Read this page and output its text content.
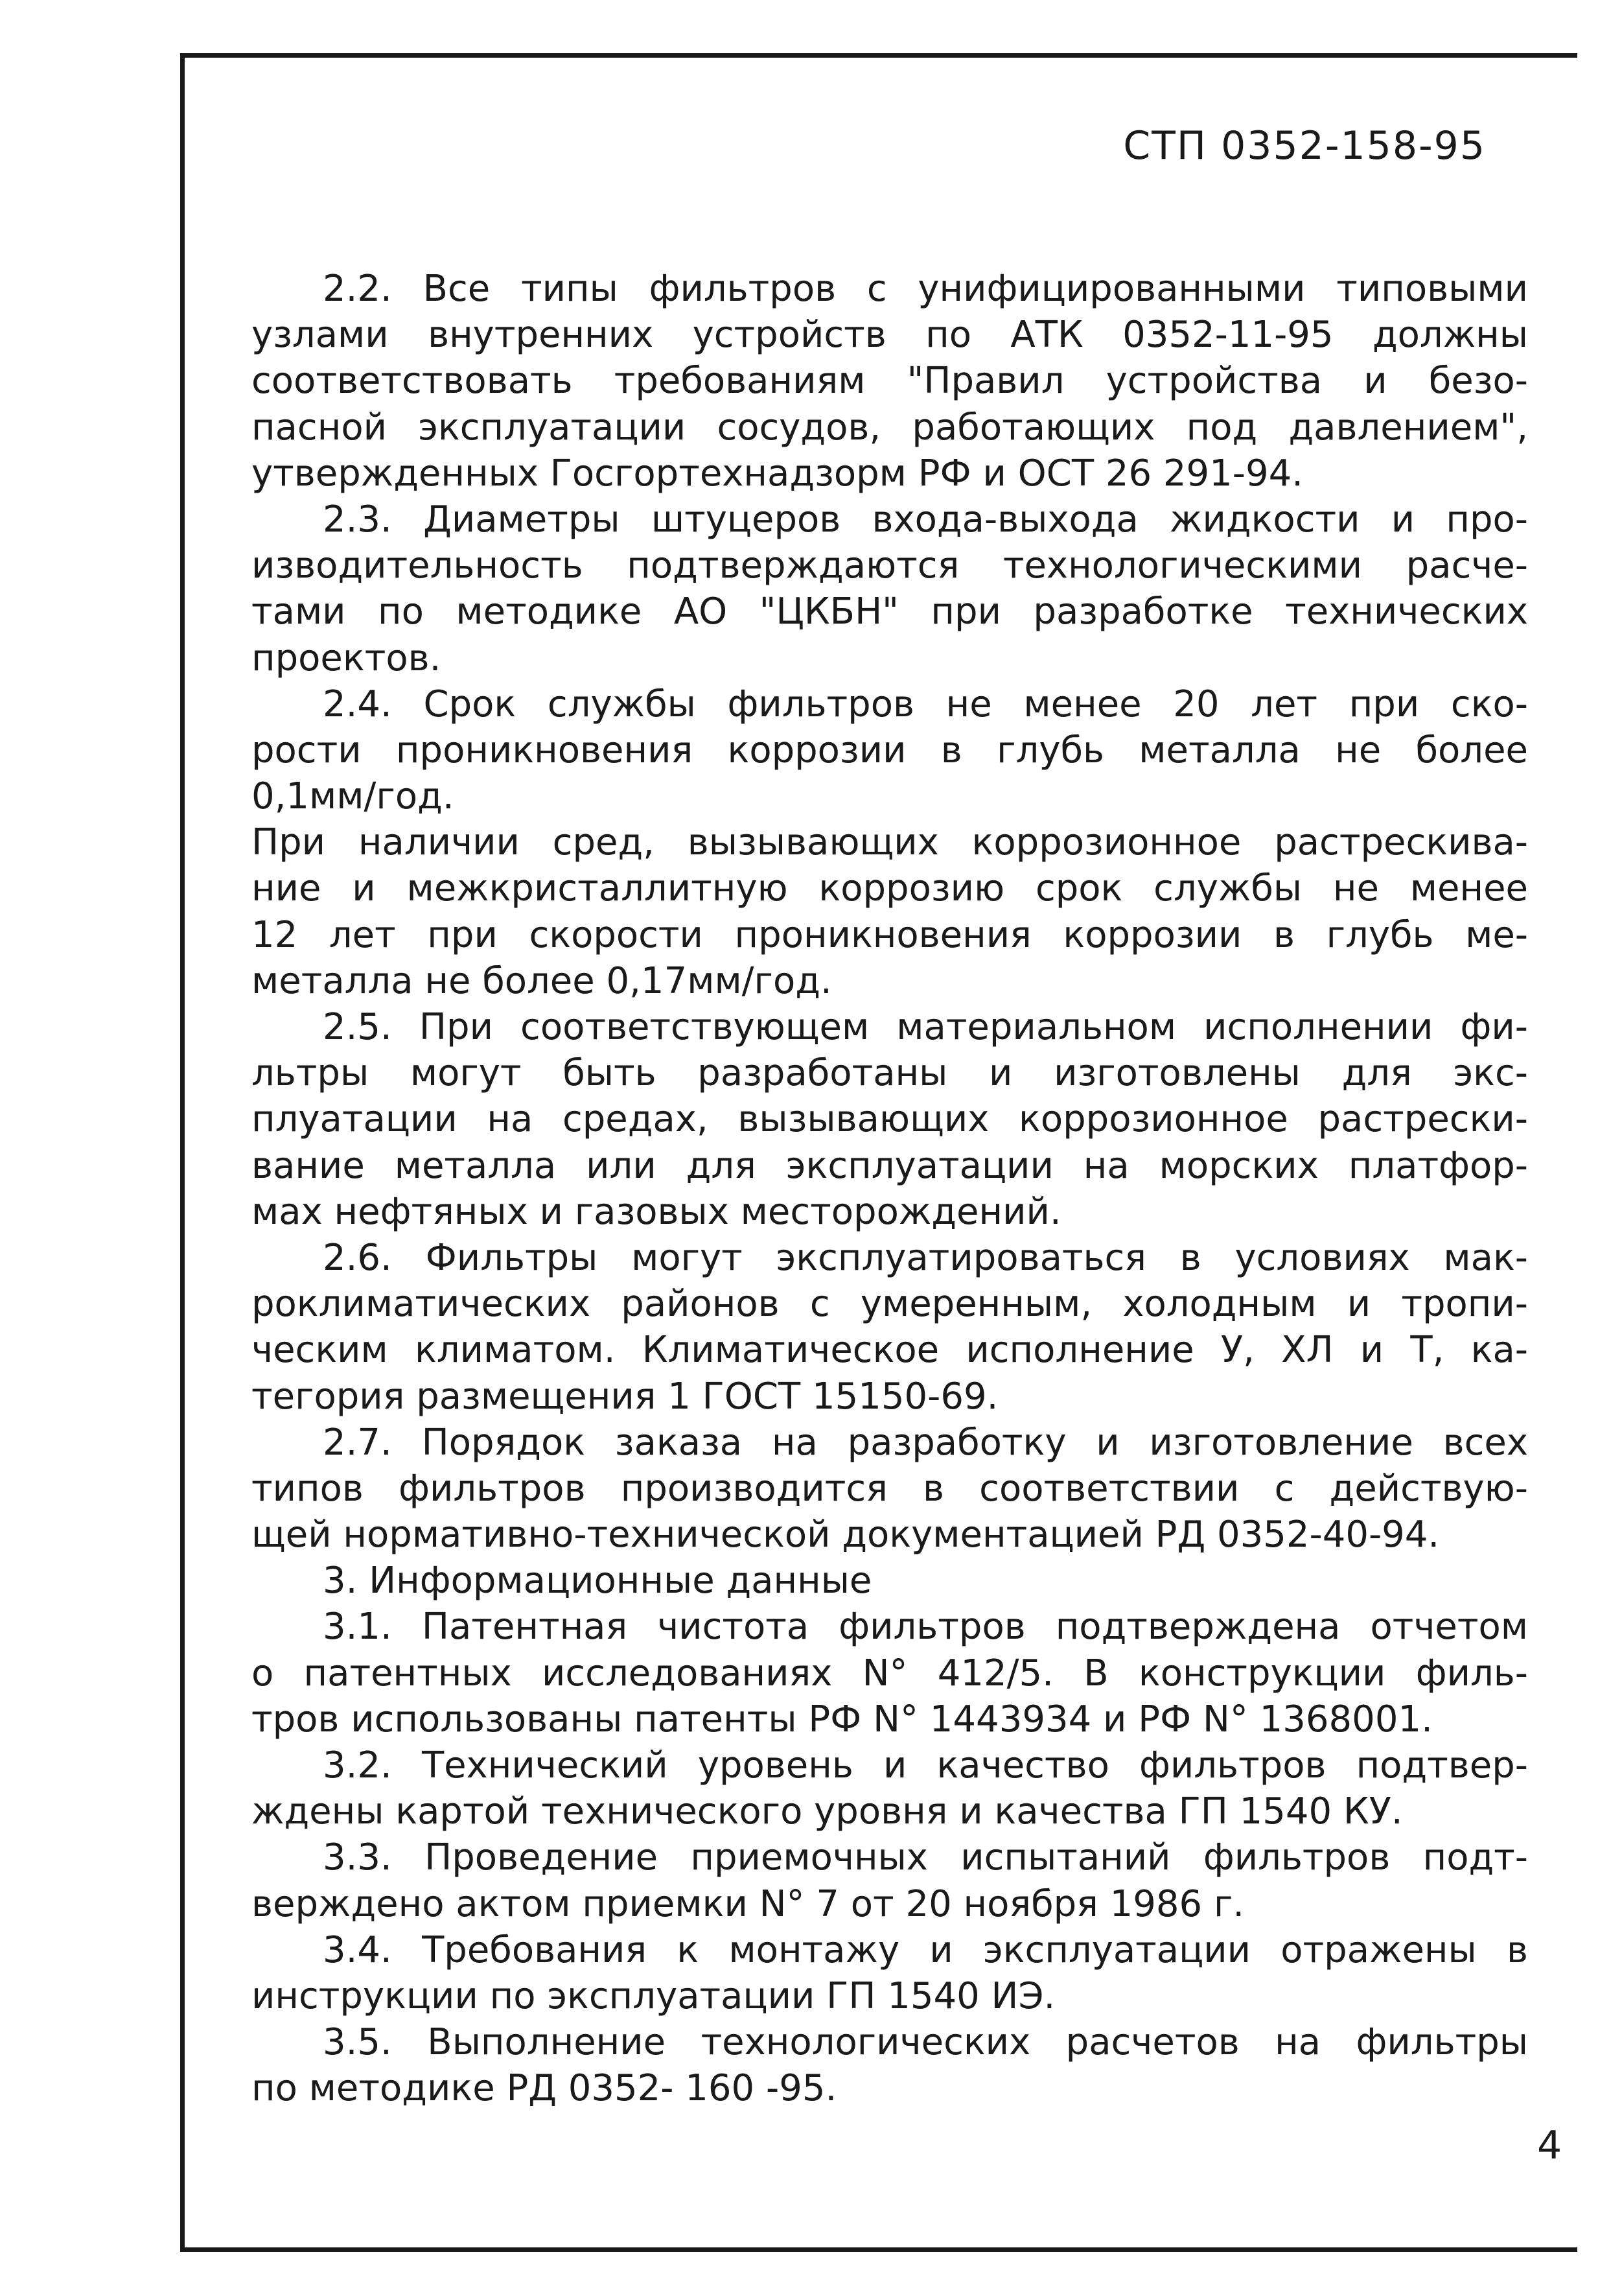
СТП 0352-158-95
2.2. Все типы фильтров с унифицированными типовыми
узлами внутренних устройств по АТК 0352-11-95 должны
соответствовать требованиям "Правил устройства и безо-
пасной эксплуатации сосудов, работающих под давлением",
утвержденных Госгортехнадзорм РФ и ОСТ 26 291-94.
2.3. Диаметры штуцеров входа-выхода жидкости и про-
изводительность подтверждаются технологическими расче-
тами по методике АО "ЦКБН" при разработке технических
проектов.
2.4. Срок службы фильтров не менее 20 лет при ско-
рости проникновения коррозии в глубь металла не более
0,1мм/год.
При наличии сред, вызывающих коррозионное растрескива-
ние и межкристаллитную коррозию срок службы не менее
12 лет при скорости проникновения коррозии в глубь ме-
металла не более 0,17мм/год.
2.5. При соответствующем материальном исполнении фи-
льтры могут быть разработаны и изготовлены для экс-
плуатации на средах, вызывающих коррозионное растрески-
вание металла или для эксплуатации на морских платфор-
мах нефтяных и газовых месторождений.
2.6. Фильтры могут эксплуатироваться в условиях мак-
роклиматических районов с умеренным, холодным и тропи-
ческим климатом. Климатическое исполнение У, ХЛ и Т, ка-
тегория размещения 1 ГОСТ 15150-69.
2.7. Порядок заказа на разработку и изготовление всех
типов фильтров производится в соответствии с действую-
щей нормативно-технической документацией РД 0352-40-94.
3. Информационные данные
3.1. Патентная чистота фильтров подтверждена отчетом
о патентных исследованиях N° 412/5. В конструкции филь-
тров использованы патенты РФ N° 1443934 и РФ N° 1368001.
3.2. Технический уровень и качество фильтров подтвер-
ждены картой технического уровня и качества ГП 1540 КУ.
3.3. Проведение приемочных испытаний фильтров подт-
верждено актом приемки N° 7 от 20 ноября 1986 г.
3.4. Требования к монтажу и эксплуатации отражены в
инструкции по эксплуатации ГП 1540 ИЭ.
3.5. Выполнение технологических расчетов на фильтры
по методике РД 0352- 160 -95.
4
